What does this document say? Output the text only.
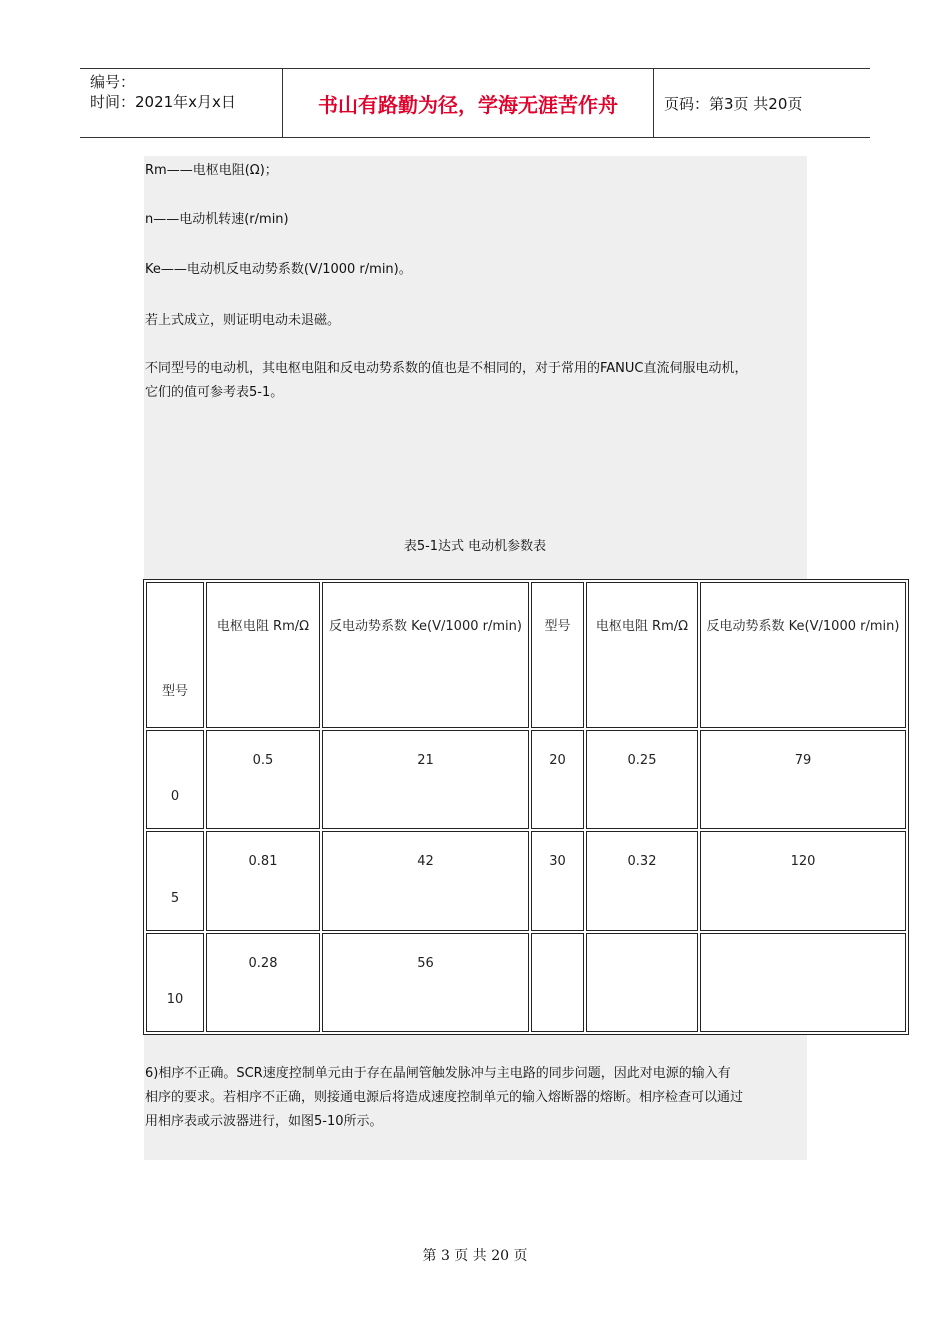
编号：
时间：2021年x月x日	书山有路勤为径，学海无涯苦作舟	页码：第3页 共20页
Rm——电枢电阻(Ω)；
n——电动机转速(r/min)
Ke——电动机反电动势系数(V/1000 r/min)。
若上式成立，则证明电动未退磁。
不同型号的电动机，其电枢电阻和反电动势系数的值也是不相同的，对于常用的FANUC直流伺服电动机，
它们的值可参考表5-1。
表5-1达式 电动机参数表
型号	电枢电阻 Rm/Ω	反电动势系数 Ke(V/1000 r/min)	型号	电枢电阻 Rm/Ω	反电动势系数 Ke(V/1000 r/min)

0	0.5	21	20	0.25	79

5	0.81	42	30	0.32	120

10	0.28	56			

6)相序不正确。SCR速度控制单元由于存在晶闸管触发脉冲与主电路的同步问题，因此对电源的输入有
相序的要求。若相序不正确，则接通电源后将造成速度控制单元的输入熔断器的熔断。相序检查可以通过
用相序表或示波器进行，如图5-10所示。
第 3 页 共 20 页
